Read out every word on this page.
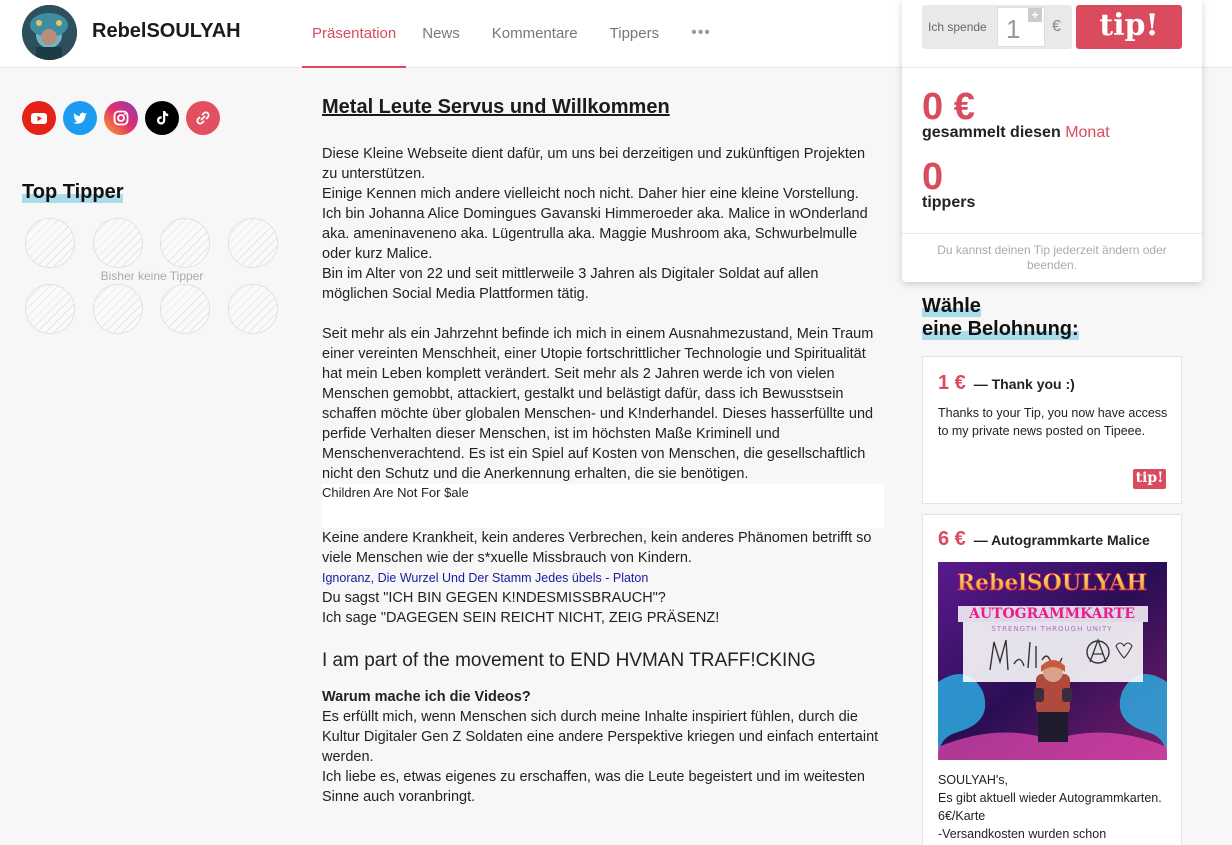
RebelSOULYAH	Präsentation	News	Kommentare	Tippers	•••	Ich spende
1
+
€	tip!
0 €
gesammelt diesen Monat
0
tippers
Du kannst deinen Tip jederzeit ändern oder beenden.
Top Tipper
Bisher keine Tipper
Metal Leute Servus und Willkommen

Diese Kleine Webseite dient dafür, um uns bei derzeitigen und zukünftigen Projekten zu unterstützen.

Einige Kennen mich andere vielleicht noch nicht. Daher hier eine kleine Vorstellung.

Ich bin Johanna Alice Domingues Gavanski Himmeroeder aka. Malice in wOnderland aka. ameninaveneno aka. Lügentrulla aka. Maggie Mushroom aka, Schwurbelmulle oder kurz Malice.

Bin im Alter von 22 und seit mittlerweile 3 Jahren als Digitaler Soldat auf allen möglichen Social Media Plattformen tätig.

Seit mehr als ein Jahrzehnt befinde ich mich in einem Ausnahmezustand, Mein Traum einer vereinten Menschheit, einer Utopie fortschrittlicher Technologie und Spiritualität hat mein Leben komplett verändert. Seit mehr als 2 Jahren werde ich von vielen Menschen gemobbt, attackiert, gestalkt und belästigt dafür, dass ich Bewusstsein schaffen möchte über globalen Menschen- und K!nderhandel. Dieses hasserfüllte und perfide Verhalten dieser Menschen, ist im höchsten Maße Kriminell und Menschenverachtend. Es ist ein Spiel auf Kosten von Menschen, die gesellschaftlich nicht den Schutz und die Anerkennung erhalten, die sie benötigen.

Children Are Not For $ale

Keine andere Krankheit, kein anderes Verbrechen, kein anderes Phänomen betrifft so viele Menschen wie der s*xuelle Missbrauch von Kindern.

Ignoranz, Die Wurzel Und Der Stamm Jedes übels - Platon

Du sagst "ICH BIN GEGEN K!NDESMISSBRAUCH"?

Ich sage "DAGEGEN SEIN REICHT NICHT, ZEIG PRÄSENZ!

I am part of the movement to END HVMAN TRAFF!CKING

Warum mache ich die Videos?

Es erfüllt mich, wenn Menschen sich durch meine Inhalte inspiriert fühlen, durch die Kultur Digitaler Gen Z Soldaten eine andere Perspektive kriegen und einfach entertaint werden.

Ich liebe es, etwas eigenes zu erschaffen, was die Leute begeistert und im weitesten Sinne auch voranbringt.

Wähle
eine Belohnung:
1 € — Thank you :)
Thanks to your Tip, you now have access to my private news posted on Tipeee.
tip!
6 € — Autogrammkarte Malice
RebelSOULYAH
AUTOGRAMMKARTE
STRENGTH THROUGH UNITY
SOULYAH's,
Es gibt aktuell wieder Autogrammkarten. 6€/Karte
-Versandkosten wurden schon
